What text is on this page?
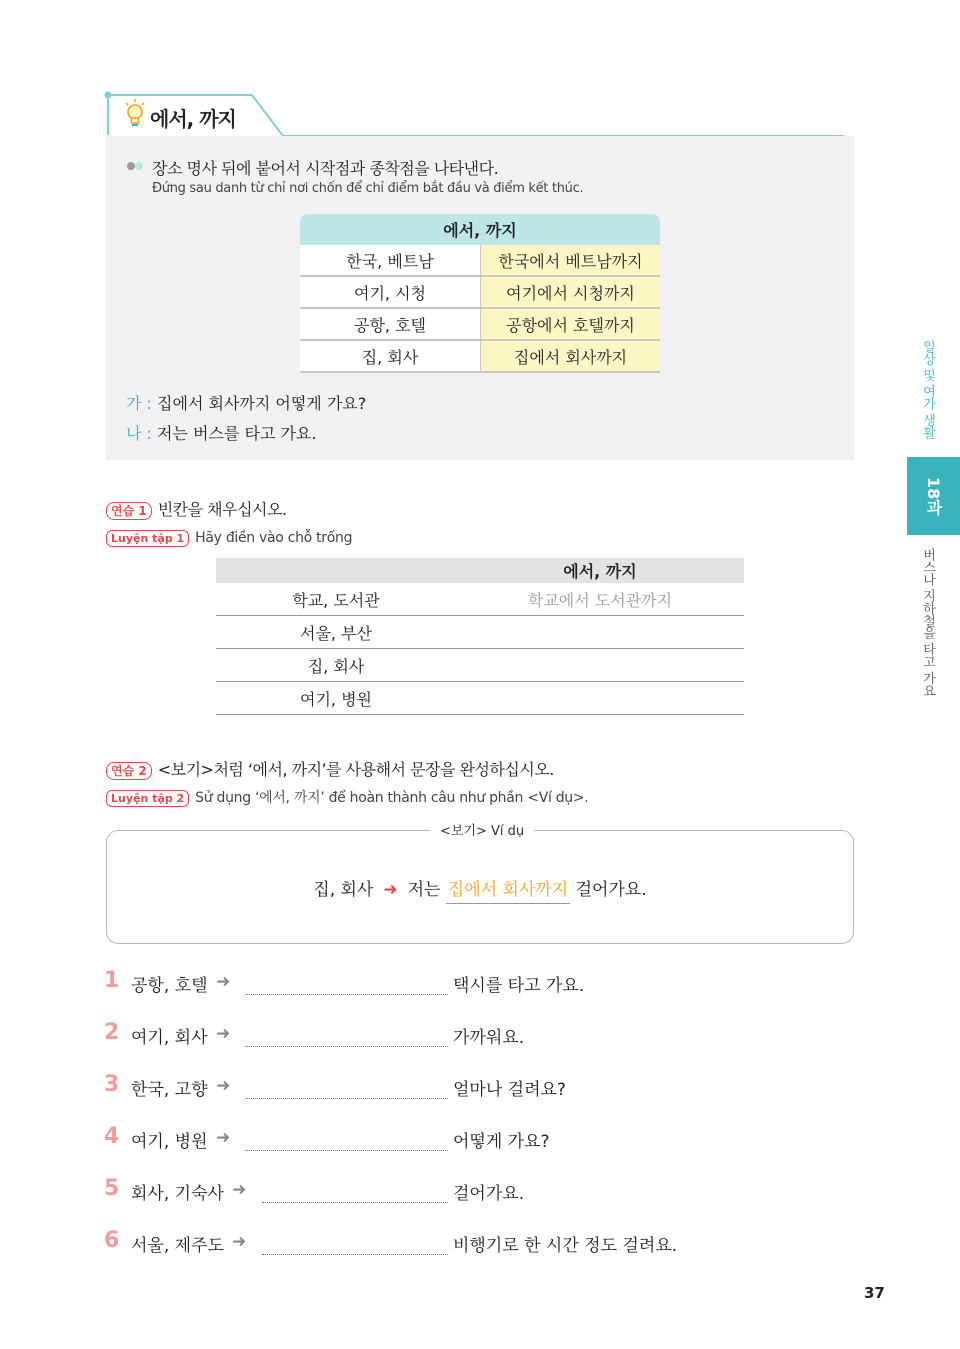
에서, 까지
장소 명사 뒤에 붙어서 시작점과 종착점을 나타낸다.
Đứng sau danh từ chỉ nơi chốn để chỉ điểm bắt đầu và điểm kết thúc.
에서, 까지	
한국, 베트남	한국에서 베트남까지
여기, 시청	여기에서 시청까지
공항, 호텔	공항에서 호텔까지
집, 회사	집에서 회사까지
가 : 집에서 회사까지 어떻게 가요?
나 : 저는 버스를 타고 가요.
연습 1 빈칸을 채우십시오.
Luyện tập 1 Hãy điền vào chỗ trống
	에서, 까지
학교, 도서관	학교에서 도서관까지
서울, 부산	
집, 회사	
여기, 병원	
연습 2 <보기>처럼 ‘에서, 까지’를 사용해서 문장을 완성하십시오.
Luyện tập 2 Sử dụng ‘에서, 까지’ để hoàn thành câu như phần <Ví dụ>.
<보기> Ví dụ
집, 회사 ➜ 저는 집에서 회사까지 걸어가요.
1 공항, 호텔 ➜	택시를 타고 가요.
2 여기, 회사 ➜	가까워요.
3 한국, 고향 ➜	얼마나 걸려요?
4 여기, 병원 ➜	어떻게 가요?
5 회사, 기숙사 ➜	걸어가요.
6 서울, 제주도 ➜	비행기로 한 시간 정도 걸려요.
일상 및 여가 생활
18과
버스나 지하철을 타고 가요
37
